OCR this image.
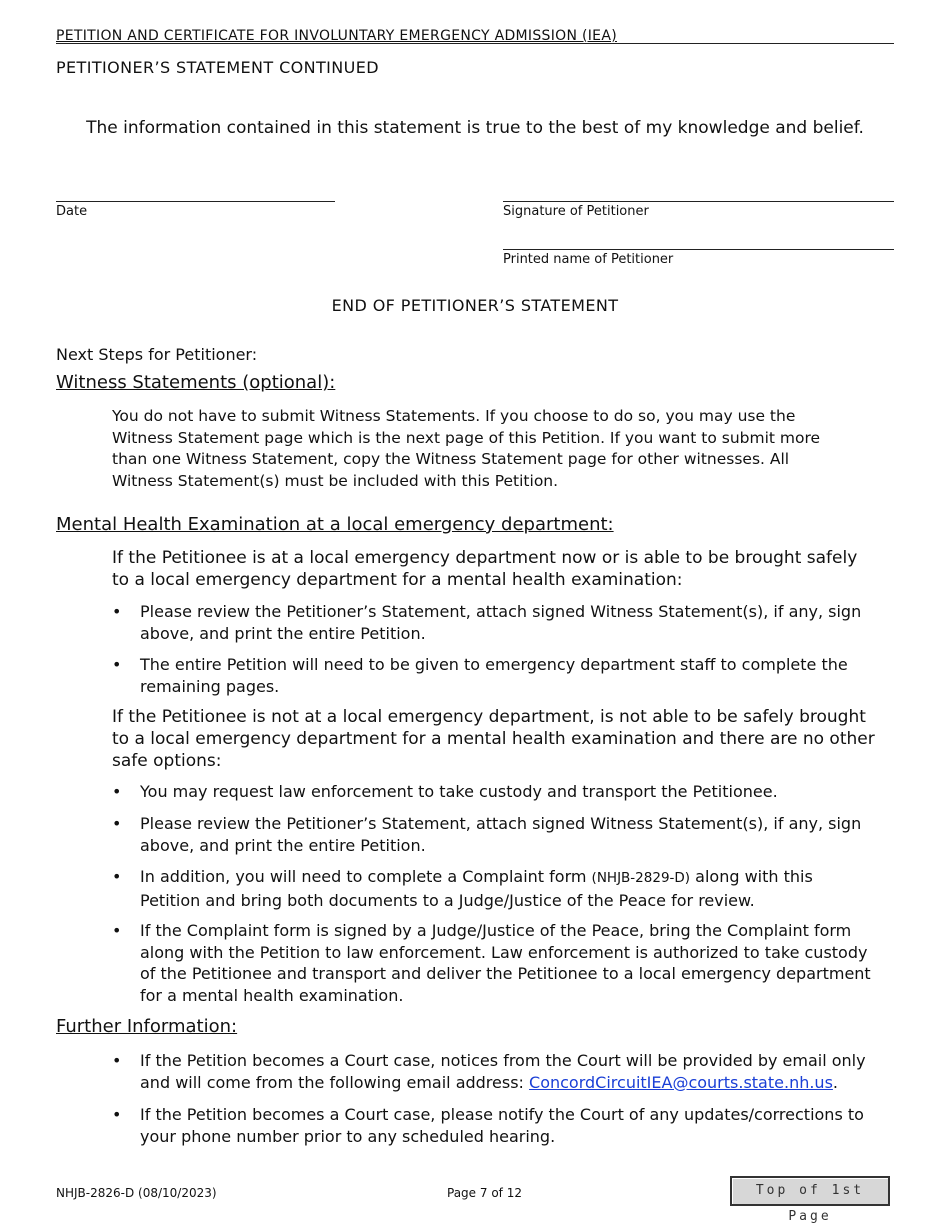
PETITION AND CERTIFICATE FOR INVOLUNTARY EMERGENCY ADMISSION (IEA)
PETITIONER’S STATEMENT CONTINUED
The information contained in this statement is true to the best of my knowledge and belief.
Date	Signature of Petitioner
Printed name of Petitioner
END OF PETITIONER’S STATEMENT
Next Steps for Petitioner:
Witness Statements (optional):
You do not have to submit Witness Statements. If you choose to do so, you may use the
Witness Statement page which is the next page of this Petition. If you want to submit more
than one Witness Statement, copy the Witness Statement page for other witnesses. All
Witness Statement(s) must be included with this Petition.
Mental Health Examination at a local emergency department:
If the Petitionee is at a local emergency department now or is able to be brought safely
to a local emergency department for a mental health examination:
• Please review the Petitioner’s Statement, attach signed Witness Statement(s), if any, sign
above, and print the entire Petition.
• The entire Petition will need to be given to emergency department staff to complete the
remaining pages.
If the Petitionee is not at a local emergency department, is not able to be safely brought
to a local emergency department for a mental health examination and there are no other
safe options:
• You may request law enforcement to take custody and transport the Petitionee.
• Please review the Petitioner’s Statement, attach signed Witness Statement(s), if any, sign
above, and print the entire Petition.
• In addition, you will need to complete a Complaint form (NHJB-2829-D) along with this
Petition and bring both documents to a Judge/Justice of the Peace for review.
• If the Complaint form is signed by a Judge/Justice of the Peace, bring the Complaint form
along with the Petition to law enforcement. Law enforcement is authorized to take custody
of the Petitionee and transport and deliver the Petitionee to a local emergency department
for a mental health examination.
Further Information:
• If the Petition becomes a Court case, notices from the Court will be provided by email only
and will come from the following email address: ConcordCircuitIEA@courts.state.nh.us.
• If the Petition becomes a Court case, please notify the Court of any updates/corrections to
your phone number prior to any scheduled hearing.
NHJB-2826-D (08/10/2023)	Page 7 of 12	Top of 1st Page
